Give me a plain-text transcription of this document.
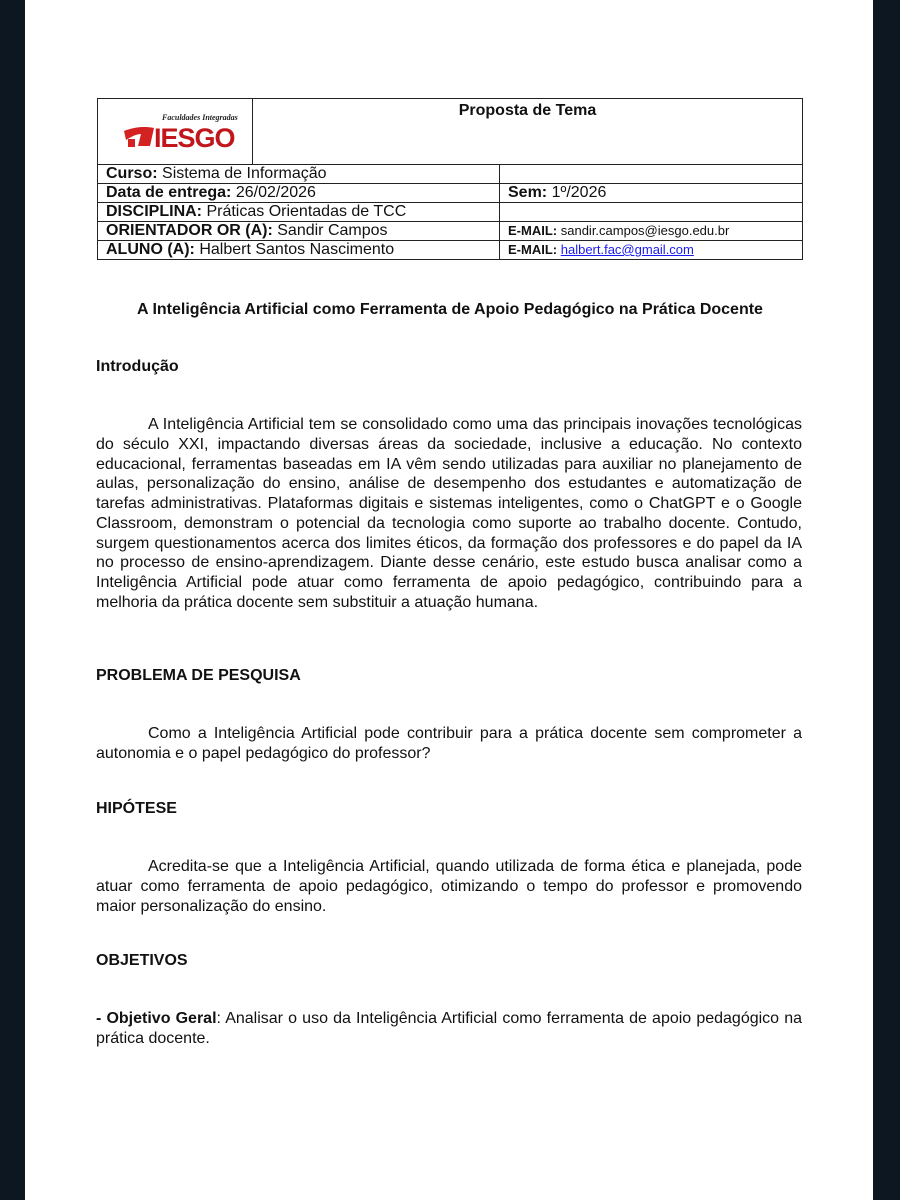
Faculdades Integradas
IESGO	Proposta de Tema	
Curso: Sistema de Informação		
Data de entrega: 26/02/2026		Sem: 1º/2026
DISCIPLINA: Práticas Orientadas de TCC		
ORIENTADOR OR (A): Sandir Campos		E-MAIL: sandir.campos@iesgo.edu.br
ALUNO (A): Halbert Santos Nascimento		E-MAIL: halbert.fac@gmail.com
A Inteligência Artificial como Ferramenta de Apoio Pedagógico na Prática Docente
Introdução

A Inteligência Artificial tem se consolidado como uma das principais inovações tecnológicas do século XXI, impactando diversas áreas da sociedade, inclusive a educação. No contexto educacional, ferramentas baseadas em IA vêm sendo utilizadas para auxiliar no planejamento de aulas, personalização do ensino, análise de desempenho dos estudantes e automatização de tarefas administrativas. Plataformas digitais e sistemas inteligentes, como o ChatGPT e o Google Classroom, demonstram o potencial da tecnologia como suporte ao trabalho docente. Contudo, surgem questionamentos acerca dos limites éticos, da formação dos professores e do papel da IA no processo de ensino-aprendizagem. Diante desse cenário, este estudo busca analisar como a Inteligência Artificial pode atuar como ferramenta de apoio pedagógico, contribuindo para a melhoria da prática docente sem substituir a atuação humana.

PROBLEMA DE PESQUISA

Como a Inteligência Artificial pode contribuir para a prática docente sem comprometer a autonomia e o papel pedagógico do professor?

HIPÓTESE

Acredita-se que a Inteligência Artificial, quando utilizada de forma ética e planejada, pode atuar como ferramenta de apoio pedagógico, otimizando o tempo do professor e promovendo maior personalização do ensino.

OBJETIVOS

- Objetivo Geral: Analisar o uso da Inteligência Artificial como ferramenta de apoio pedagógico na prática docente.
